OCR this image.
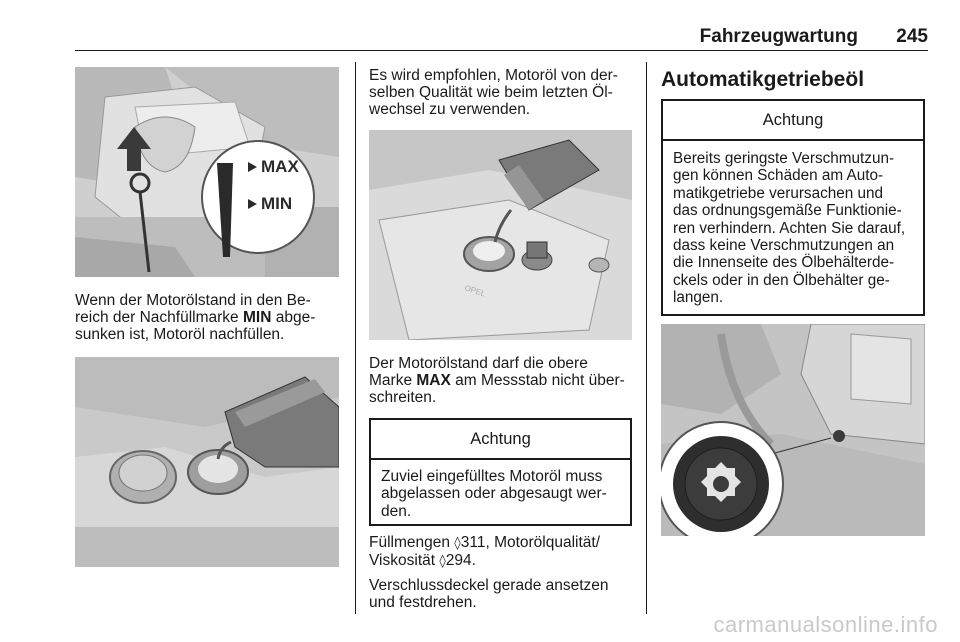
Fahrzeugwartung 245
MAX
MIN

Wenn der Motorölstand in den Be-

reich der Nachfüllmarke MIN abge-

sunken ist, Motoröl nachfüllen.

Es wird empfohlen, Motoröl von der-

selben Qualität wie beim letzten Öl-

wechsel zu verwenden.

OPEL

Der Motorölstand darf die obere

Marke MAX am Messstab nicht über-

schreiten.

Achtung
Zuviel eingefülltes Motoröl muss
abgelassen oder abgesaugt wer-
den.

Füllmengen ◊311, Motorölqualität/

Viskosität ◊294.

Verschlussdeckel gerade ansetzen

und festdrehen.

Automatikgetriebeöl

Achtung
Bereits geringste Verschmutzun-
gen können Schäden am Auto-
matikgetriebe verursachen und
das ordnungsgemäße Funktionie-
ren verhindern. Achten Sie darauf,
dass keine Verschmutzungen an
die Innenseite des Ölbehälterde-
ckels oder in den Ölbehälter ge-
langen.
carmanualsonline.info
